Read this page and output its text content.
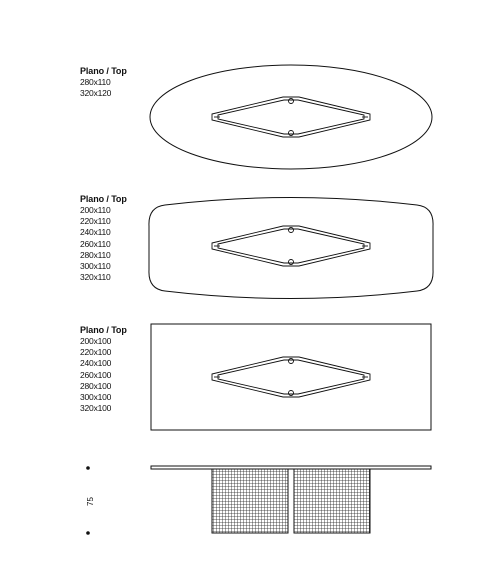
Plano / Top
280x110
320x120
Plano / Top
200x110
220x110
240x110
260x110
280x110
300x110
320x110
Plano / Top
200x100
220x100
240x100
260x100
280x100
300x100
320x100
75
